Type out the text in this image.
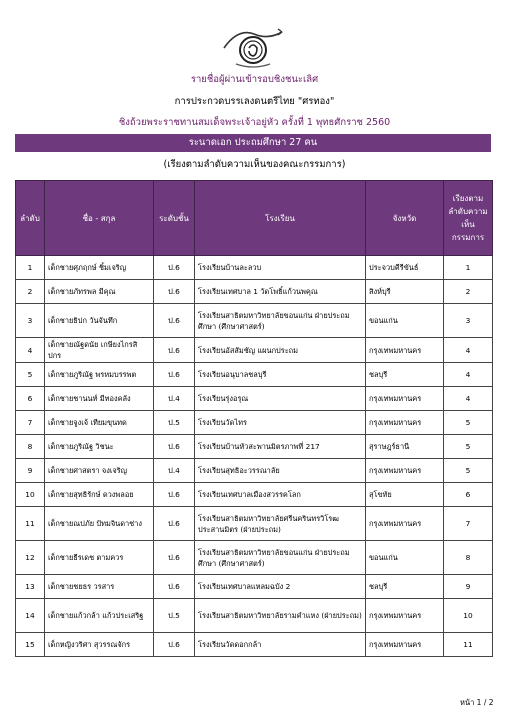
รายชื่อผู้ผ่านเข้ารอบชิงชนะเลิศ
การประกวดบรรเลงดนตรีไทย "ศรทอง"
ชิงถ้วยพระราชทานสมเด็จพระเจ้าอยู่หัว ครั้งที่ 1 พุทธศักราช 2560
ระนาดเอก ประถมศึกษา 27 คน
(เรียงตามลำดับความเห็นของคณะกรรมการ)
ลำดับ	ชื่อ - สกุล	ระดับชั้น	โรงเรียน	จังหวัด	เรียงตามลำดับความเห็นกรรมการ
1	เด็กชายศุภฤกษ์ ชิ้มเจริญ	ป.6	โรงเรียนบ้านละลวบ	ประจวบคีรีขันธ์	1
2	เด็กชายภัทรพล มีคุณ	ป.6	โรงเรียนเทศบาล 1 วัดโพธิ์แก้วนพคุณ	สิงห์บุรี	2
3	เด็กชายธิปก วันจันทึก	ป.6	โรงเรียนสาธิตมหาวิทยาลัยขอนแก่น ฝ่ายประถมศึกษา (ศึกษาศาสตร์)	ขอนแก่น	3
4	เด็กชายณัฐดนัย เกษียงไกรสิปกร	ป.6	โรงเรียนอัสสัมชัญ แผนกประถม	กรุงเทพมหานคร	4
5	เด็กชายภูริณัฐ พรหมบรรพต	ป.6	โรงเรียนอนุบาลชลบุรี	ชลบุรี	4
6	เด็กชายชานนท์ มีทองคลัง	ป.4	โรงเรียนรุ่งอรุณ	กรุงเทพมหานคร	4
7	เด็กชายจูงเจ้ เทียมขุนทด	ป.5	โรงเรียนวัดไทร	กรุงเทพมหานคร	5
8	เด็กชายภูริณัฐ วิชนะ	ป.6	โรงเรียนบ้านหัวสะพานมิตรภาพที่ 217	สุราษฎร์ธานี	5
9	เด็กชายศาสตรา จงเจริญ	ป.4	โรงเรียนสุทธิอะวรรณาลัย	กรุงเทพมหานคร	5
10	เด็กชายสุทธิรักษ์ ดวงพลอย	ป.6	โรงเรียนเทศบาลเมืองสวรรคโลก	สุโขทัย	6
11	เด็กชายณปภัย ปัทมจินดาช่าง	ป.6	โรงเรียนสาธิตมหาวิทยาลัยศรีนครินทรวิโรฒ ประสานมิตร (ฝ่ายประถม)	กรุงเทพมหานคร	7
12	เด็กชายธีรเดช ตามควร	ป.6	โรงเรียนสาธิตมหาวิทยาลัยขอนแก่น ฝ่ายประถมศึกษา (ศึกษาศาสตร์)	ขอนแก่น	8
13	เด็กชายชยธร วรสาร	ป.6	โรงเรียนเทศบาลแหลมฉบัง 2	ชลบุรี	9
14	เด็กชายแก้วกล้า แก้วประเสริฐ	ป.5	โรงเรียนสาธิตมหาวิทยาลัยรามคำแหง (ฝ่ายประถม)	กรุงเทพมหานคร	10
15	เด็กหญิงวริศา สุวรรณจักร	ป.6	โรงเรียนวัดดอกกล้า	กรุงเทพมหานคร	11
หน้า 1 / 2
